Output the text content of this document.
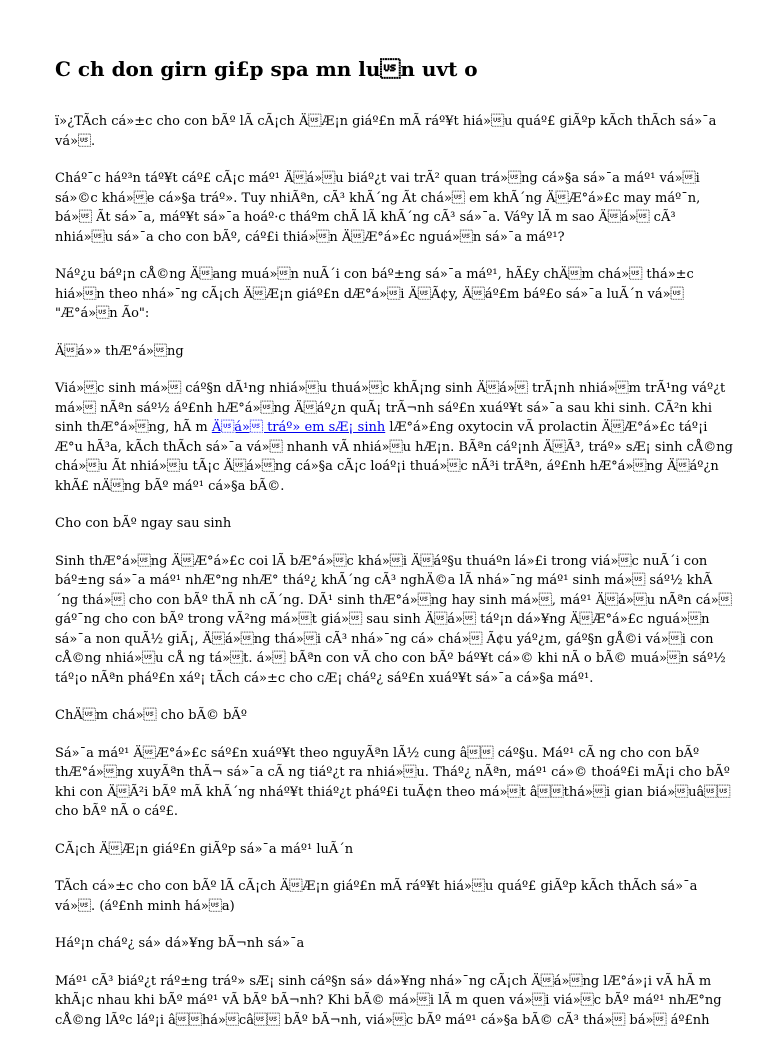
C ch don girn gi£p spa mn lun uvt o

ï»¿TÃch cá»±c cho con bÃº lÃ cÃ¡ch ÄÆ¡n giáº£n mÃ ráº¥t hiá»u quáº£ giÃºp kÃch thÃch sá»¯a vá».

Cháº¯c háº³n táº¥t cáº£ cÃ¡c máº¹ Äá»u biáº¿t vai trÃ² quan trá»ng cá»§a sá»¯a máº¹ vá»i sá»©c khá»e cá»§a tráº». Tuy nhiÃªn, cÃ³ khÃ´ng Ãt chá» em khÃ´ng ÄÆ°á»£c may máº¯n, bá» Ãt sá»¯a, máº¥t sá»¯a hoáº·c tháºm chÃ lÃ khÃ´ng cÃ³ sá»¯a. Váºy lÃ m sao Äá» cÃ³ nhiá»u sá»¯a cho con bÃº, cáº£i thiá»n ÄÆ°á»£c nguá»n sá»¯a máº¹?

Náº¿u báº¡n cÅ©ng Äang muá»n nuÃ´i con báº±ng sá»¯a máº¹, hÃ£y chÄm chá» thá»±c hiá»n theo nhá»¯ng cÃ¡ch ÄÆ¡n giáº£n dÆ°á»i ÄÃ¢y, Äáº£m báº£o sá»¯a luÃ´n vá» "Æ°á»n Ão":

Äá»» thÆ°á»ng

Viá»c sinh má» cáº§n dÃ¹ng nhiá»u thuá»c khÃ¡ng sinh Äá» trÃ¡nh nhiá»m trÃ¹ng váº¿t má» nÃªn sáº½ áº£nh hÆ°á»ng Äáº¿n quÃ¡ trÃ¬nh sáº£n xuáº¥t sá»¯a sau khi sinh. CÃ²n khi sinh thÆ°á»ng, hÃ m Äá» tráº» em sÆ¡ sinh lÆ°á»£ng oxytocin vÃ prolactin ÄÆ°á»£c táº¡i Æ°u hÃ³a, kÃch thÃch sá»¯a vá» nhanh vÃ nhiá»u hÆ¡n. BÃªn cáº¡nh ÄÃ³, tráº» sÆ¡ sinh cÅ©ng chá»u Ãt nhiá»u tÃ¡c Äá»ng cá»§a cÃ¡c loáº¡i thuá»c nÃ³i trÃªn, áº£nh hÆ°á»ng Äáº¿n khÃ£ nÄng bÃº máº¹ cá»§a bÃ©.

Cho con bÃº ngay sau sinh

Sinh thÆ°á»ng ÄÆ°á»£c coi lÃ bÆ°á»c khá»i Äáº§u thuáºn lá»£i trong viá»c nuÃ´i con báº±ng sá»¯a máº¹ nhÆ°ng nhÆ° tháº¿ khÃ´ng cÃ³ nghÄ©a lÃ nhá»¯ng máº¹ sinh má» sáº½ khÃ´ng thá» cho con bÃº thÃ nh cÃ´ng. DÃ¹ sinh thÆ°á»ng hay sinh má», máº¹ Äá»u nÃªn cá» gáº¯ng cho con bÃº trong vÃ²ng má»t giá» sau sinh Äá» táº¡n dá»¥ng ÄÆ°á»£c nguá»n sá»¯a non quÃ½ giÃ¡, Äá»ng thá»i cÃ³ nhá»¯ng cá» chá» Ã¢u yáº¿m, gáº§n gÅ©i vá»i con cÅ©ng nhiá»u cÅ ng tá»t. á» bÃªn con vÃ cho con bÃº báº¥t cá»© khi nÃ o bÃ© muá»n sáº½ táº¡o nÃªn pháº£n xáº¡ tÃch cá»±c cho cÆ¡ cháº¿ sáº£n xuáº¥t sá»¯a cá»§a máº¹.

ChÄm chá» cho bÃ© bÃº

Sá»¯a máº¹ ÄÆ°á»£c sáº£n xuáº¥t theo nguyÃªn lÃ½ cung â cáº§u. Máº¹ cÃ ng cho con bÃº thÆ°á»ng xuyÃªn thÃ¬ sá»¯a cÃ ng tiáº¿t ra nhiá»u. Tháº¿ nÃªn, máº¹ cá»© thoáº£i mÃ¡i cho bÃº khi con ÄÃ²i bÃº mÃ khÃ´ng nháº¥t thiáº¿t pháº£i tuÃ¢n theo má»t âthá»i gian biá»uâ cho bÃº nÃ o cáº£.

CÃ¡ch ÄÆ¡n giáº£n giÃºp sá»¯a máº¹ luÃ´n

TÃch cá»±c cho con bÃº lÃ cÃ¡ch ÄÆ¡n giáº£n mÃ ráº¥t hiá»u quáº£ giÃºp kÃch thÃch sá»¯a vá». (áº£nh minh há»a)

Háº¡n cháº¿ sá» dá»¥ng bÃ¬nh sá»¯a

Máº¹ cÃ³ biáº¿t ráº±ng tráº» sÆ¡ sinh cáº§n sá» dá»¥ng nhá»¯ng cÃ¡ch Äá»ng lÆ°á»¡i vÃ hÃ m khÃ¡c nhau khi bÃº máº¹ vÃ bÃº bÃ¬nh? Khi bÃ© má»i lÃ m quen vá»i viá»c bÃº máº¹ nhÆ°ng cÅ©ng lÃºc láº¡i âhá»câ bÃº bÃ¬nh, viá»c bÃº máº¹ cá»§a bÃ© cÃ³ thá» bá» áº£nh
